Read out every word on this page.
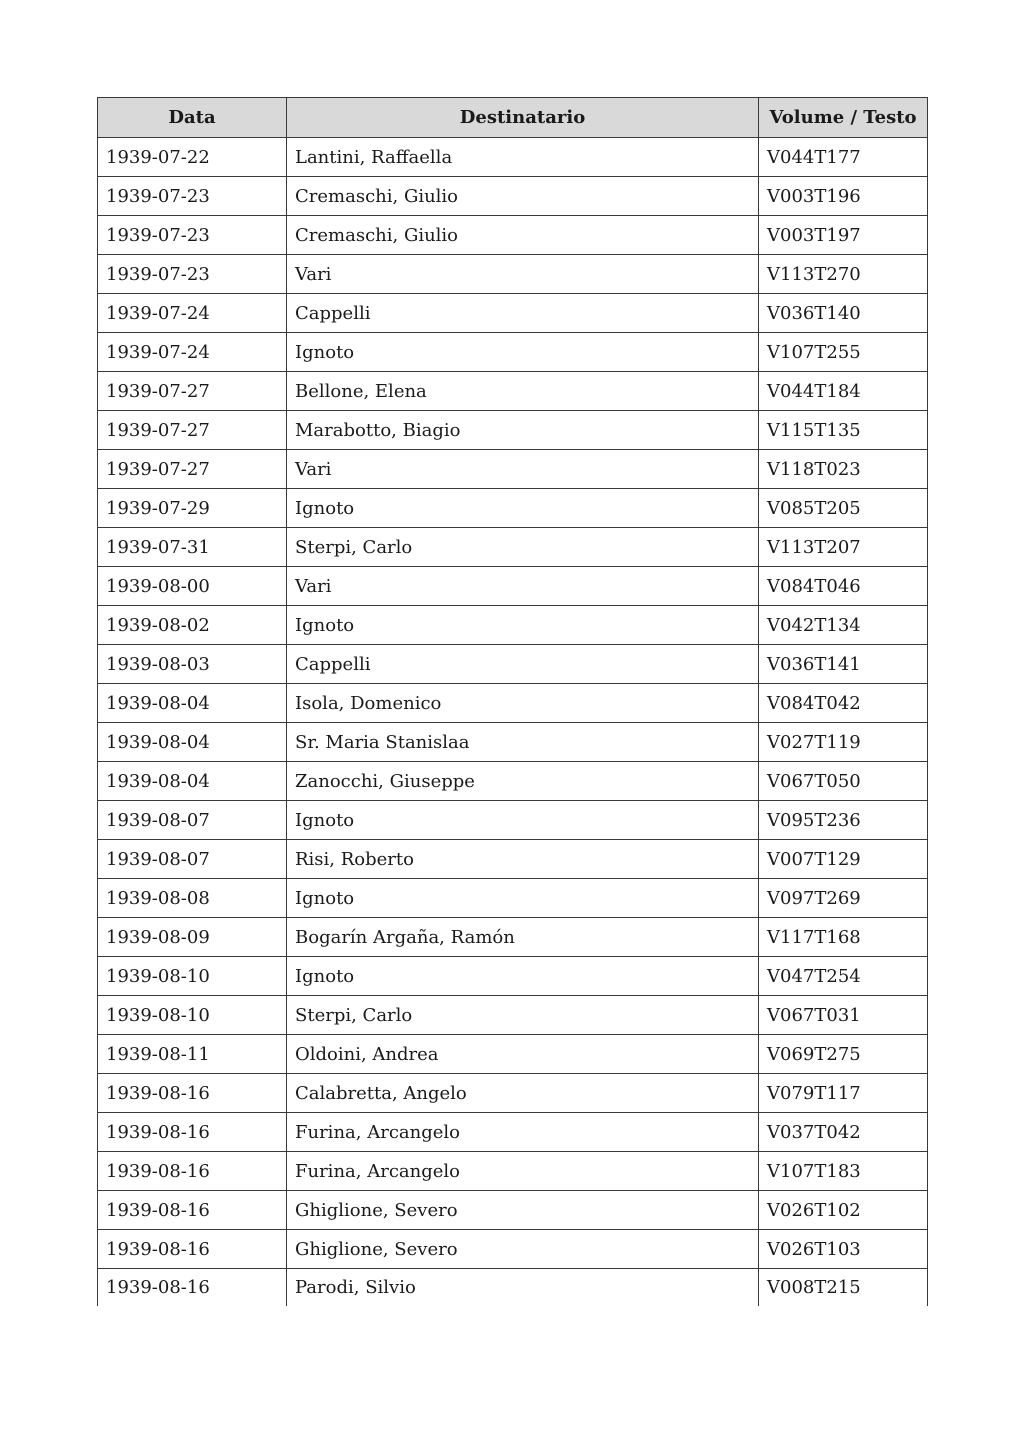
Data	Destinatario	Volume / Testo
1939-07-22	Lantini, Raffaella	V044T177
1939-07-23	Cremaschi, Giulio	V003T196
1939-07-23	Cremaschi, Giulio	V003T197
1939-07-23	Vari	V113T270
1939-07-24	Cappelli	V036T140
1939-07-24	Ignoto	V107T255
1939-07-27	Bellone, Elena	V044T184
1939-07-27	Marabotto, Biagio	V115T135
1939-07-27	Vari	V118T023
1939-07-29	Ignoto	V085T205
1939-07-31	Sterpi, Carlo	V113T207
1939-08-00	Vari	V084T046
1939-08-02	Ignoto	V042T134
1939-08-03	Cappelli	V036T141
1939-08-04	Isola, Domenico	V084T042
1939-08-04	Sr. Maria Stanislaa	V027T119
1939-08-04	Zanocchi, Giuseppe	V067T050
1939-08-07	Ignoto	V095T236
1939-08-07	Risi, Roberto	V007T129
1939-08-08	Ignoto	V097T269
1939-08-09	Bogarín Argaña, Ramón	V117T168
1939-08-10	Ignoto	V047T254
1939-08-10	Sterpi, Carlo	V067T031
1939-08-11	Oldoini, Andrea	V069T275
1939-08-16	Calabretta, Angelo	V079T117
1939-08-16	Furina, Arcangelo	V037T042
1939-08-16	Furina, Arcangelo	V107T183
1939-08-16	Ghiglione, Severo	V026T102
1939-08-16	Ghiglione, Severo	V026T103
1939-08-16	Parodi, Silvio	V008T215
